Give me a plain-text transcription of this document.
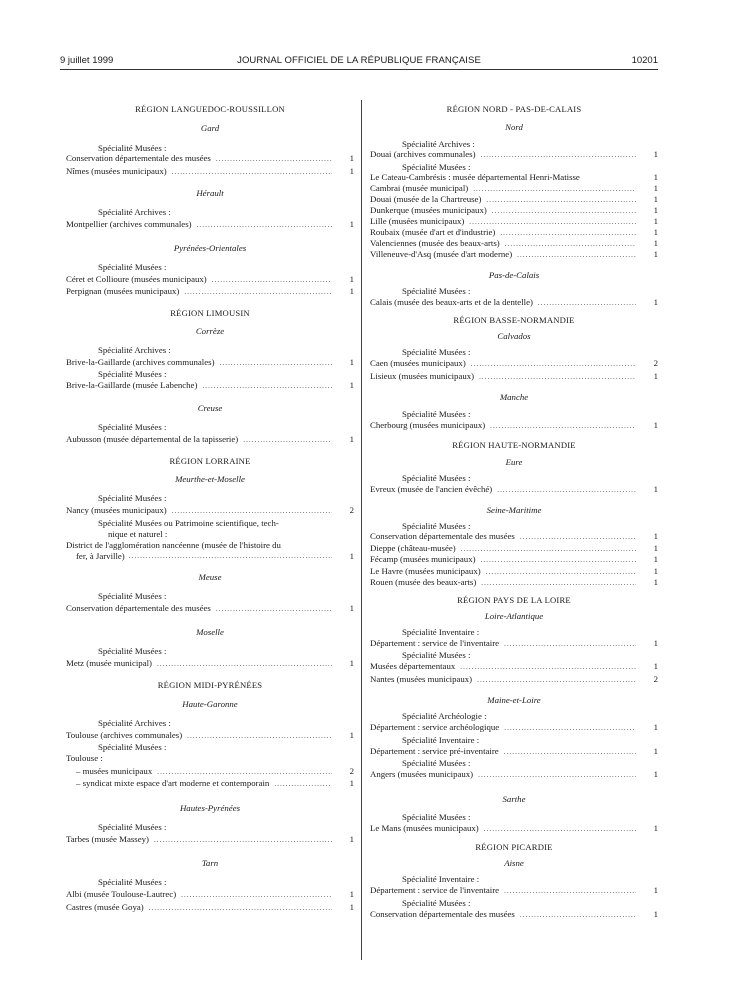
9 juillet 1999	JOURNAL OFFICIEL DE LA RÉPUBLIQUE FRANÇAISE	10201
RÉGION LANGUEDOC-ROUSSILLON
Gard
Spécialité Musées :
Conservation départementale des musées .....	1
Nîmes (musées municipaux) .....	1
Hérault
Spécialité Archives :
Montpellier (archives communales) .....	1
Pyrénées-Orientales
Spécialité Musées :
Céret et Collioure (musées municipaux) .....	1
Perpignan (musées municipaux) .....	1
RÉGION LIMOUSIN
Corrèze
Spécialité Archives :
Brive-la-Gaillarde (archives communales) .....	1
Spécialité Musées :
Brive-la-Gaillarde (musée Labenche) .....	1
Creuse
Spécialité Musées :
Aubusson (musée départemental de la tapisserie) .....	1
RÉGION LORRAINE
Meurthe-et-Moselle
Spécialité Musées :
Nancy (musées municipaux) .....	2
Spécialité Musées ou Patrimoine scientifique, tech-
nique et naturel :
District de l'agglomération nancéenne (musée de l'histoire du
fer, à Jarville) .....	1
Meuse
Spécialité Musées :
Conservation départementale des musées .....	1
Moselle
Spécialité Musées :
Metz (musée municipal) .....	1
RÉGION MIDI-PYRÉNÉES
Haute-Garonne
Spécialité Archives :
Toulouse (archives communales) .....	1
Spécialité Musées :
Toulouse :
– musées municipaux .....	2
– syndicat mixte espace d'art moderne et contemporain .....	1
Hautes-Pyrénées
Spécialité Musées :
Tarbes (musée Massey) .....	1
Tarn
Spécialité Musées :
Albi (musée Toulouse-Lautrec) .....	1
Castres (musée Goya) .....	1
RÉGION NORD - PAS-DE-CALAIS
Nord
Spécialité Archives :
Douai (archives communales) .....	1
Spécialité Musées :
Le Cateau-Cambrésis : musée départemental Henri-Matisse	1
Cambrai (musée municipal) .....	1
Douai (musée de la Chartreuse) .....	1
Dunkerque (musées municipaux) .....	1
Lille (musées municipaux) .....	1
Roubaix (musée d'art et d'industrie) .....	1
Valenciennes (musée des beaux-arts) .....	1
Villeneuve-d'Asq (musée d'art moderne) .....	1
Pas-de-Calais
Spécialité Musées :
Calais (musée des beaux-arts et de la dentelle) .....	1
RÉGION BASSE-NORMANDIE
Calvados
Spécialité Musées :
Caen (musées municipaux) .....	2
Lisieux (musées municipaux) .....	1
Manche
Spécialité Musées :
Cherbourg (musées municipaux) .....	1
RÉGION HAUTE-NORMANDIE
Eure
Spécialité Musées :
Evreux (musée de l'ancien évêché) .....	1
Seine-Maritime
Spécialité Musées :
Conservation départementale des musées .....	1
Dieppe (château-musée) .....	1
Fécamp (musées municipaux) .....	1
Le Havre (musées municipaux) .....	1
Rouen (musée des beaux-arts) .....	1
RÉGION PAYS DE LA LOIRE
Loire-Atlantique
Spécialité Inventaire :
Département : service de l'inventaire .....	1
Spécialité Musées :
Musées départementaux .....	1
Nantes (musées municipaux) .....	2
Maine-et-Loire
Spécialité Archéologie :
Département : service archéologique .....	1
Spécialité Inventaire :
Département : service pré-inventaire .....	1
Spécialité Musées :
Angers (musées municipaux) .....	1
Sarthe
Spécialité Musées :
Le Mans (musées municipaux) .....	1
RÉGION PICARDIE
Aisne
Spécialité Inventaire :
Département : service de l'inventaire .....	1
Spécialité Musées :
Conservation départementale des musées .....	1
